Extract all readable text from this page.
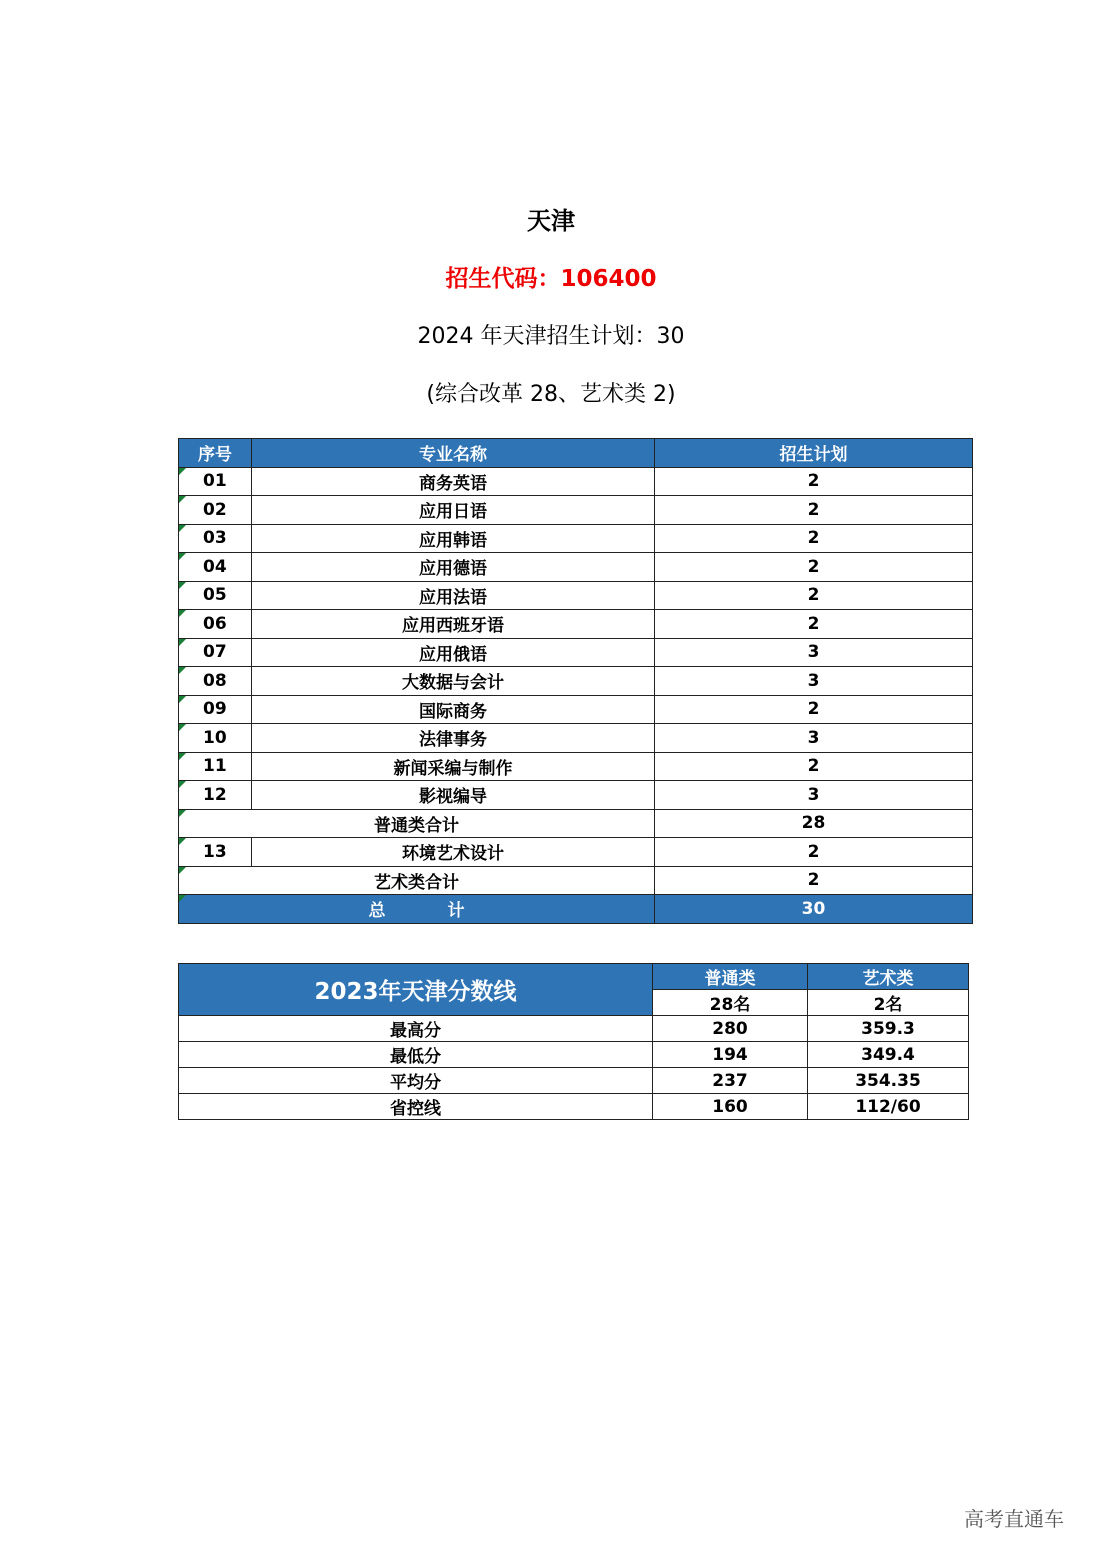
天津
招生代码：106400
2024 年天津招生计划：30
(综合改革 28、艺术类 2)
序号	专业名称	招生计划

01	商务英语	2

02	应用日语	2

03	应用韩语	2

04	应用德语	2

05	应用法语	2

06	应用西班牙语	2

07	应用俄语	3

08	大数据与会计	3

09	国际商务	2

10	法律事务	3

11	新闻采编与制作	2

12	影视编导	3

普通类合计		28

13	环境艺术设计	2

艺术类合计		2

总 计		30
2023年天津分数线	普通类	艺术类
	28名	2名
最高分	280	359.3
最低分	194	349.4
平均分	237	354.35
省控线	160	112/60
高考直通车
